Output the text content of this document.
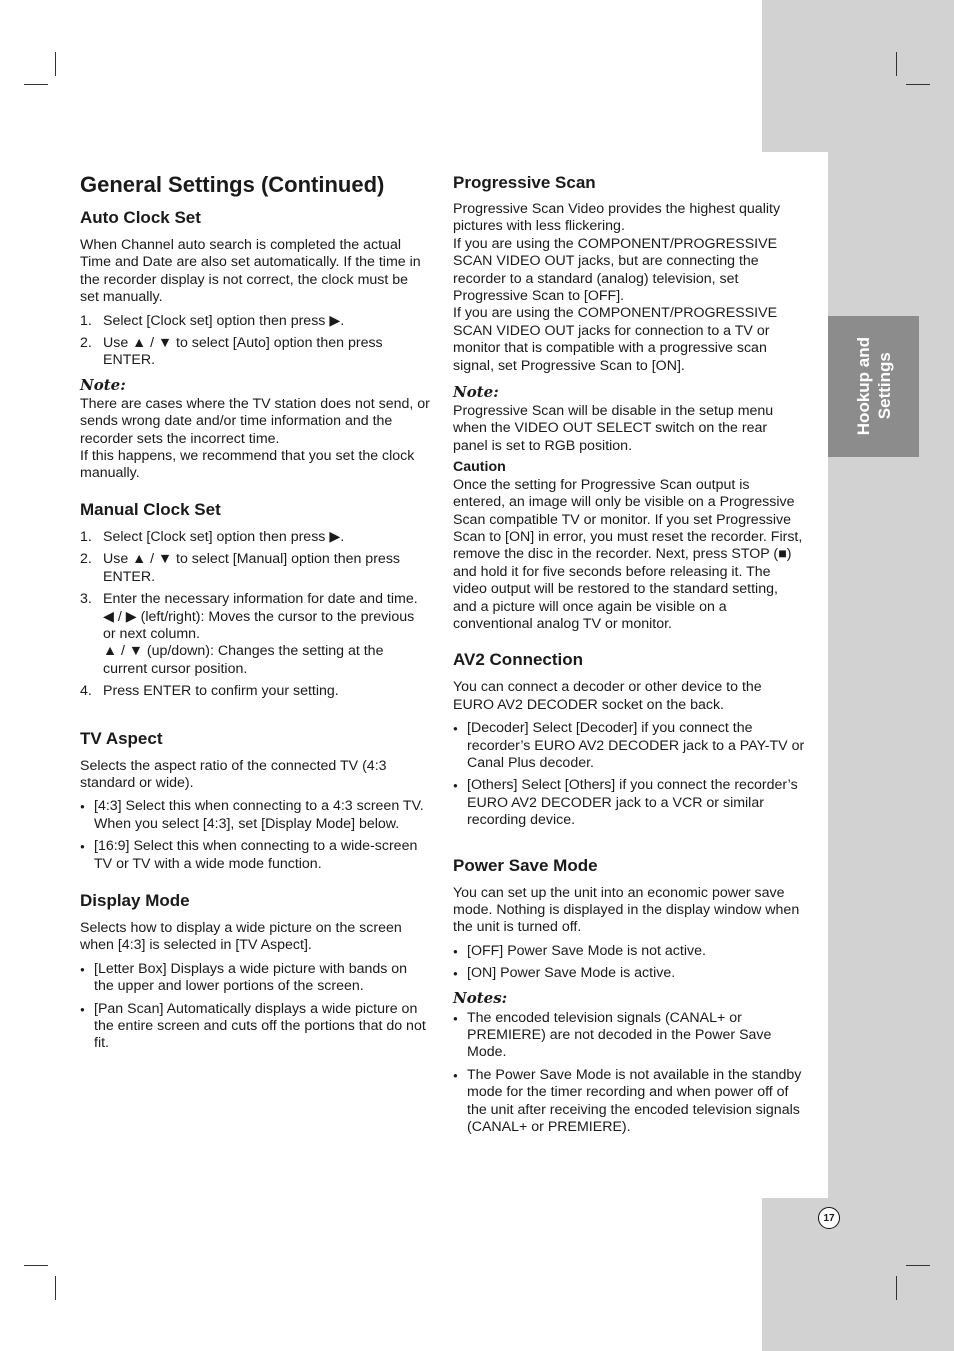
Hookup and Settings
17
General Settings (Continued)
Auto Clock Set

When Channel auto search is completed the actual Time and Date are also set automatically. If the time in the recorder display is not correct, the clock must be set manually.

1. Select [Clock set] option then press ▶.
2. Use ▲ / ▼ to select [Auto] option then press ENTER.
Note:

There are cases where the TV station does not send, or sends wrong date and/or time information and the recorder sets the incorrect time.

If this happens, we recommend that you set the clock manually.

Manual Clock Set
1. Select [Clock set] option then press ▶.
2. Use ▲ / ▼ to select [Manual] option then press ENTER.
3. Enter the necessary information for date and time.
◀ / ▶ (left/right): Moves the cursor to the previous or next column.
▲ / ▼ (up/down): Changes the setting at the current cursor position.
4. Press ENTER to confirm your setting.
TV Aspect

Selects the aspect ratio of the connected TV (4:3 standard or wide).

● [4:3] Select this when connecting to a 4:3 screen TV. When you select [4:3], set [Display Mode] below.
● [16:9] Select this when connecting to a wide-screen TV or TV with a wide mode function.
Display Mode

Selects how to display a wide picture on the screen when [4:3] is selected in [TV Aspect].

● [Letter Box] Displays a wide picture with bands on the upper and lower portions of the screen.
● [Pan Scan] Automatically displays a wide picture on the entire screen and cuts off the portions that do not fit.
Progressive Scan

Progressive Scan Video provides the highest quality pictures with less flickering.

If you are using the COMPONENT/PROGRESSIVE SCAN VIDEO OUT jacks, but are connecting the recorder to a standard (analog) television, set Progressive Scan to [OFF].

If you are using the COMPONENT/PROGRESSIVE SCAN VIDEO OUT jacks for connection to a TV or monitor that is compatible with a progressive scan signal, set Progressive Scan to [ON].

Note:

Progressive Scan will be disable in the setup menu when the VIDEO OUT SELECT switch on the rear panel is set to RGB position.

Caution

Once the setting for Progressive Scan output is entered, an image will only be visible on a Progressive Scan compatible TV or monitor. If you set Progressive Scan to [ON] in error, you must reset the recorder. First, remove the disc in the recorder. Next, press STOP (■) and hold it for five seconds before releasing it. The video output will be restored to the standard setting, and a picture will once again be visible on a conventional analog TV or monitor.

AV2 Connection

You can connect a decoder or other device to the EURO AV2 DECODER socket on the back.

● [Decoder] Select [Decoder] if you connect the recorder’s EURO AV2 DECODER jack to a PAY-TV or Canal Plus decoder.
● [Others] Select [Others] if you connect the recorder’s EURO AV2 DECODER jack to a VCR or similar recording device.
Power Save Mode

You can set up the unit into an economic power save mode. Nothing is displayed in the display window when the unit is turned off.

● [OFF] Power Save Mode is not active.
● [ON] Power Save Mode is active.
Notes:
● The encoded television signals (CANAL+ or PREMIERE) are not decoded in the Power Save Mode.
● The Power Save Mode is not available in the standby mode for the timer recording and when power off of the unit after receiving the encoded television signals (CANAL+ or PREMIERE).
